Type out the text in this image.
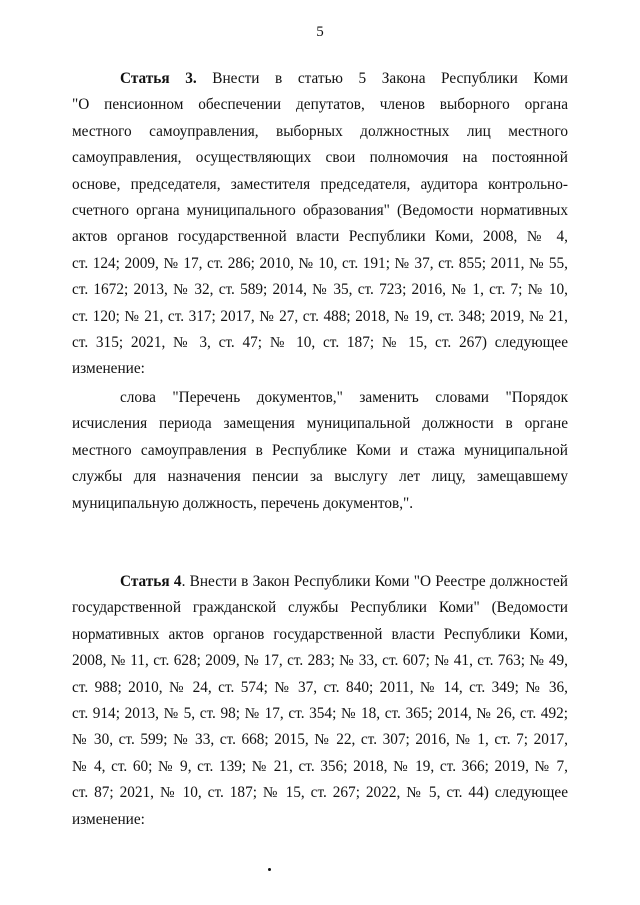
5
Статья 3. Внести в статью 5 Закона Республики Коми
"О пенсионном обеспечении депутатов, членов выборного органа
местного самоуправления, выборных должностных лиц местного
самоуправления, осуществляющих свои полномочия на постоянной
основе, председателя, заместителя председателя, аудитора контрольно-
счетного органа муниципального образования" (Ведомости нормативных
актов органов государственной власти Республики Коми, 2008, № 4,
ст. 124; 2009, № 17, ст. 286; 2010, № 10, ст. 191; № 37, ст. 855; 2011, № 55,
ст. 1672; 2013, № 32, ст. 589; 2014, № 35, ст. 723; 2016, № 1, ст. 7; № 10,
ст. 120; № 21, ст. 317; 2017, № 27, ст. 488; 2018, № 19, ст. 348; 2019, № 21,
ст. 315; 2021, № 3, ст. 47; № 10, ст. 187; № 15, ст. 267) следующее
изменение:
слова "Перечень документов," заменить словами "Порядок
исчисления периода замещения муниципальной должности в органе
местного самоуправления в Республике Коми и стажа муниципальной
службы для назначения пенсии за выслугу лет лицу, замещавшему
муниципальную должность, перечень документов,".
Статья 4. Внести в Закон Республики Коми "О Реестре должностей
государственной гражданской службы Республики Коми" (Ведомости
нормативных актов органов государственной власти Республики Коми,
2008, № 11, ст. 628; 2009, № 17, ст. 283; № 33, ст. 607; № 41, ст. 763; № 49,
ст. 988; 2010, № 24, ст. 574; № 37, ст. 840; 2011, № 14, ст. 349; № 36,
ст. 914; 2013, № 5, ст. 98; № 17, ст. 354; № 18, ст. 365; 2014, № 26, ст. 492;
№ 30, ст. 599; № 33, ст. 668; 2015, № 22, ст. 307; 2016, № 1, ст. 7; 2017,
№ 4, ст. 60; № 9, ст. 139; № 21, ст. 356; 2018, № 19, ст. 366; 2019, № 7,
ст. 87; 2021, № 10, ст. 187; № 15, ст. 267; 2022, № 5, ст. 44) следующее
изменение:
